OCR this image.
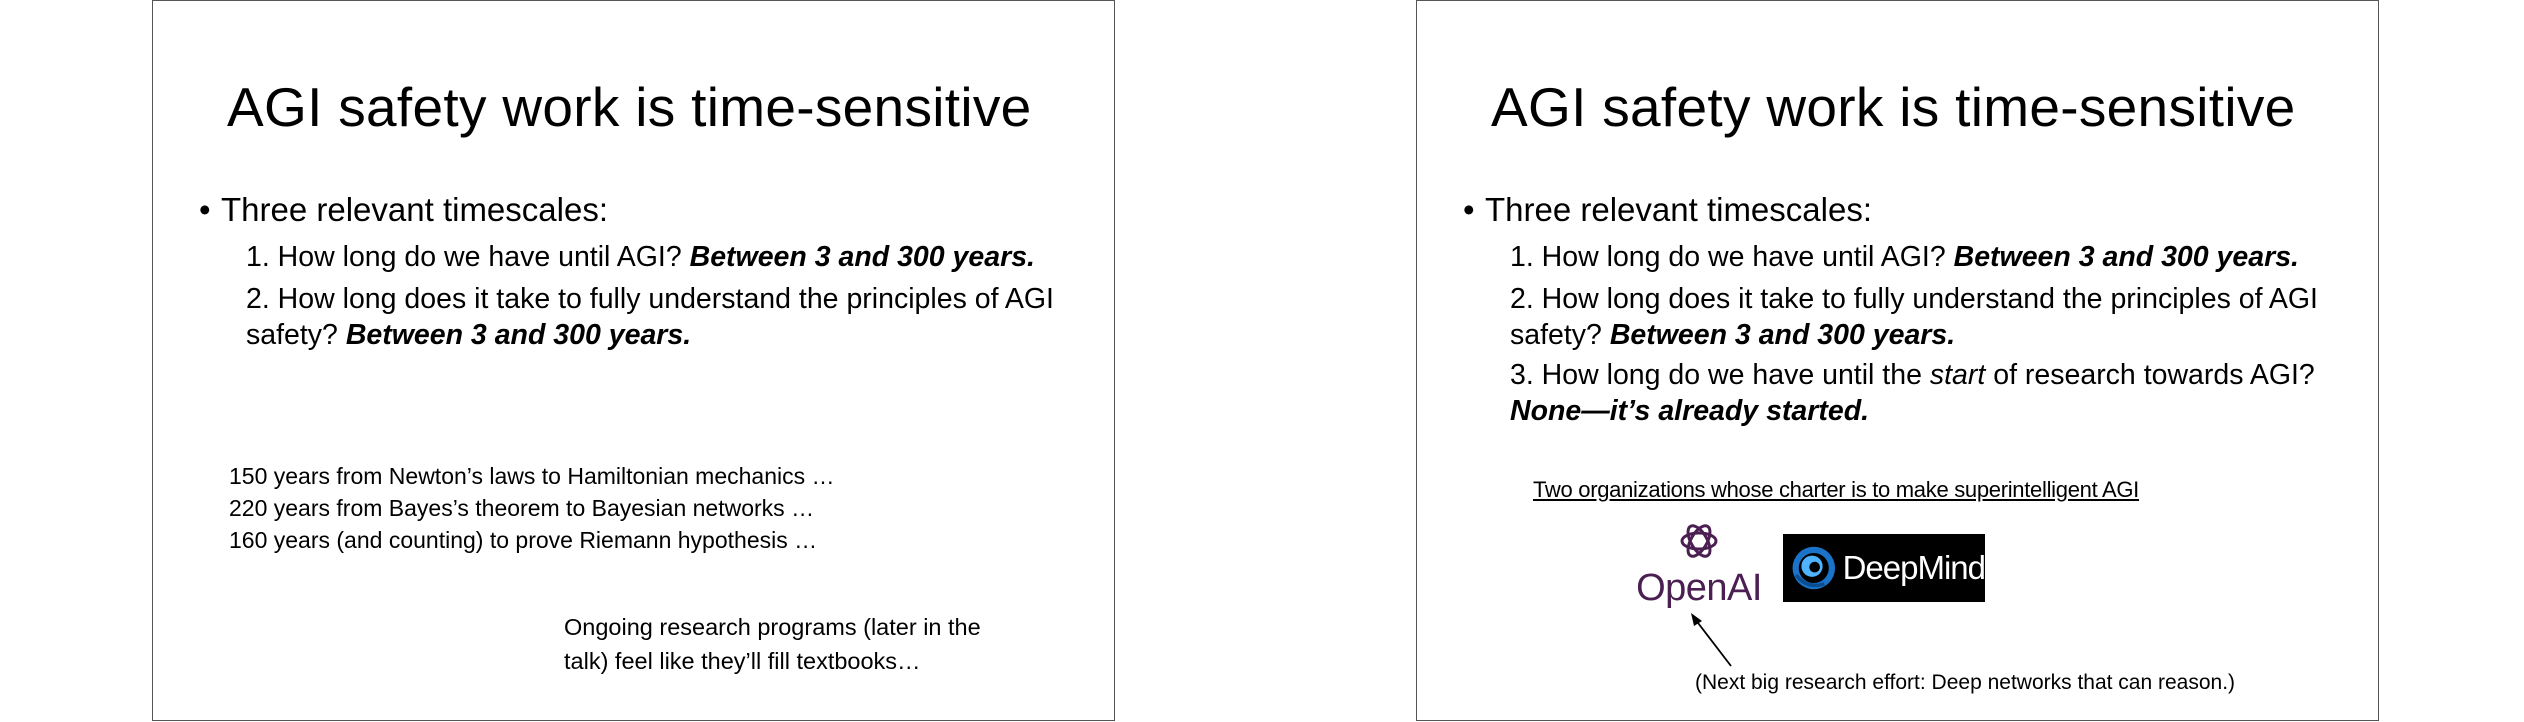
AGI safety work is time-sensitive
• Three relevant timescales:
1. How long do we have until AGI? Between 3 and 300 years.
2. How long does it take to fully understand the principles of AGI safety? Between 3 and 300 years.
150 years from Newton’s laws to Hamiltonian mechanics …
220 years from Bayes’s theorem to Bayesian networks …
160 years (and counting) to prove Riemann hypothesis …
Ongoing research programs (later in the
talk) feel like they’ll fill textbooks…
AGI safety work is time-sensitive
• Three relevant timescales:
1. How long do we have until AGI? Between 3 and 300 years.
2. How long does it take to fully understand the principles of AGI safety? Between 3 and 300 years.
3. How long do we have until the start of research towards AGI? None—it’s already started.
Two organizations whose charter is to make superintelligent AGI
OpenAI DeepMind
(Next big research effort: Deep networks that can reason.)
